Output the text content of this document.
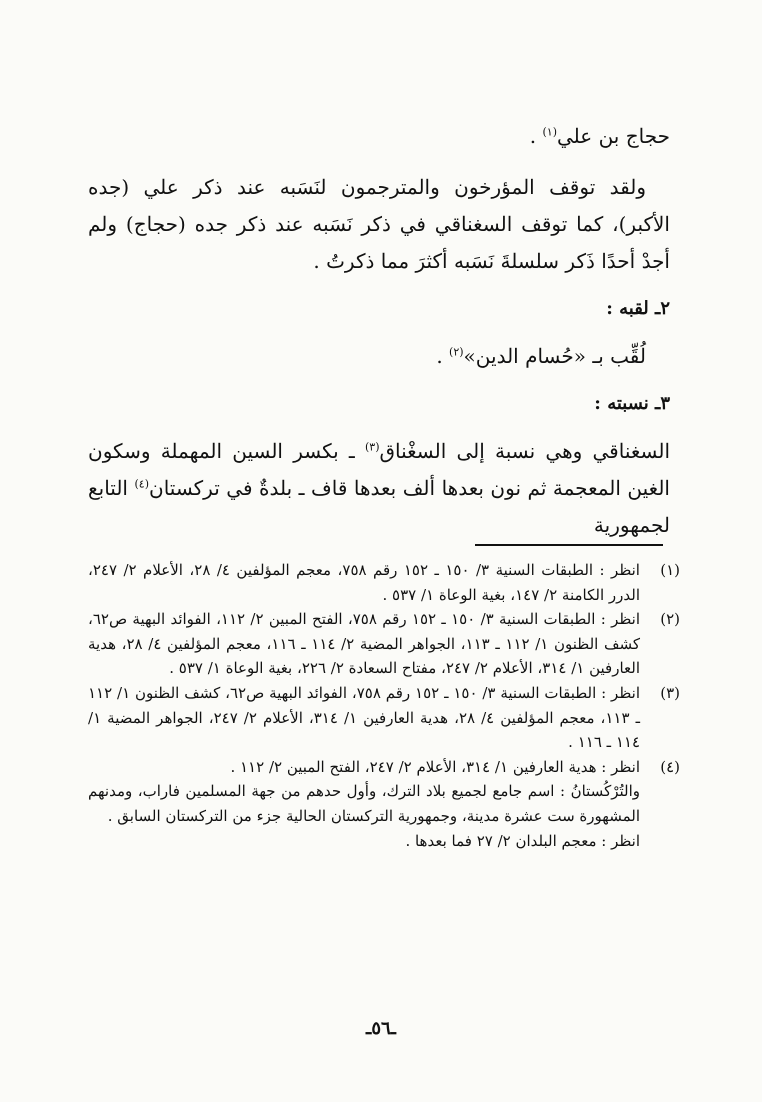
حجاج بن علي$^{(١)}$ .

ولقد توقف المؤرخون والمترجمون لنَسَبه عند ذكر علي (جده الأكبر)، كما توقف السغناقي في ذكر نَسَبه عند ذكر جده (حجاج) ولم أجدْ أحدًا ذَكر سلسلةَ نَسَبه أكثرَ مما ذكرتُ .

٢ـ لقبه :

لُقِّب بـ «حُسام الدين»$^{(٢)}$ .

٣ـ نسبته :

السغناقي وهي نسبة إلى السغْناق$^{(٣)}$ ـ بكسر السين المهملة وسكون الغين المعجمة ثم نون بعدها ألف بعدها قاف ـ بلدةٌ في تركستان$^{(٤)}$ التابع لجمهورية

(١)
انظر : الطبقات السنية ٣/ ١٥٠ ـ ١٥٢ رقم ٧٥٨، معجم المؤلفين ٤/ ٢٨، الأعلام ٢/ ٢٤٧، الدرر الكامنة ٢/ ١٤٧، بغية الوعاة ١/ ٥٣٧ .

(٢)
انظر : الطبقات السنية ٣/ ١٥٠ ـ ١٥٢ رقم ٧٥٨، الفتح المبين ٢/ ١١٢، الفوائد البهية ص٦٢، كشف الظنون ١/ ١١٢ ـ ١١٣، الجواهر المضية ٢/ ١١٤ ـ ١١٦، معجم المؤلفين ٤/ ٢٨، هدية العارفين ١/ ٣١٤، الأعلام ٢/ ٢٤٧، مفتاح السعادة ٢/ ٢٢٦، بغية الوعاة ١/ ٥٣٧ .

(٣)
انظر : الطبقات السنية ٣/ ١٥٠ ـ ١٥٢ رقم ٧٥٨، الفوائد البهية ص٦٢، كشف الظنون ١/ ١١٢ ـ ١١٣، معجم المؤلفين ٤/ ٢٨، هدية العارفين ١/ ٣١٤، الأعلام ٢/ ٢٤٧، الجواهر المضية ١/ ١١٤ ـ ١١٦ .

(٤)
انظر : هدية العارفين ١/ ٣١٤، الأعلام ٢/ ٢٤٧، الفتح المبين ٢/ ١١٢ .

والتُرْكُستانُ : اسم جامع لجميع بلاد الترك، وأول حدهم من جهة المسلمين فاراب، ومدنهم المشهورة ست عشرة مدينة، وجمهورية التركستان الحالية جزء من التركستان السابق .

انظر : معجم البلدان ٢/ ٢٧ فما بعدها .

ـ٥٦ـ
